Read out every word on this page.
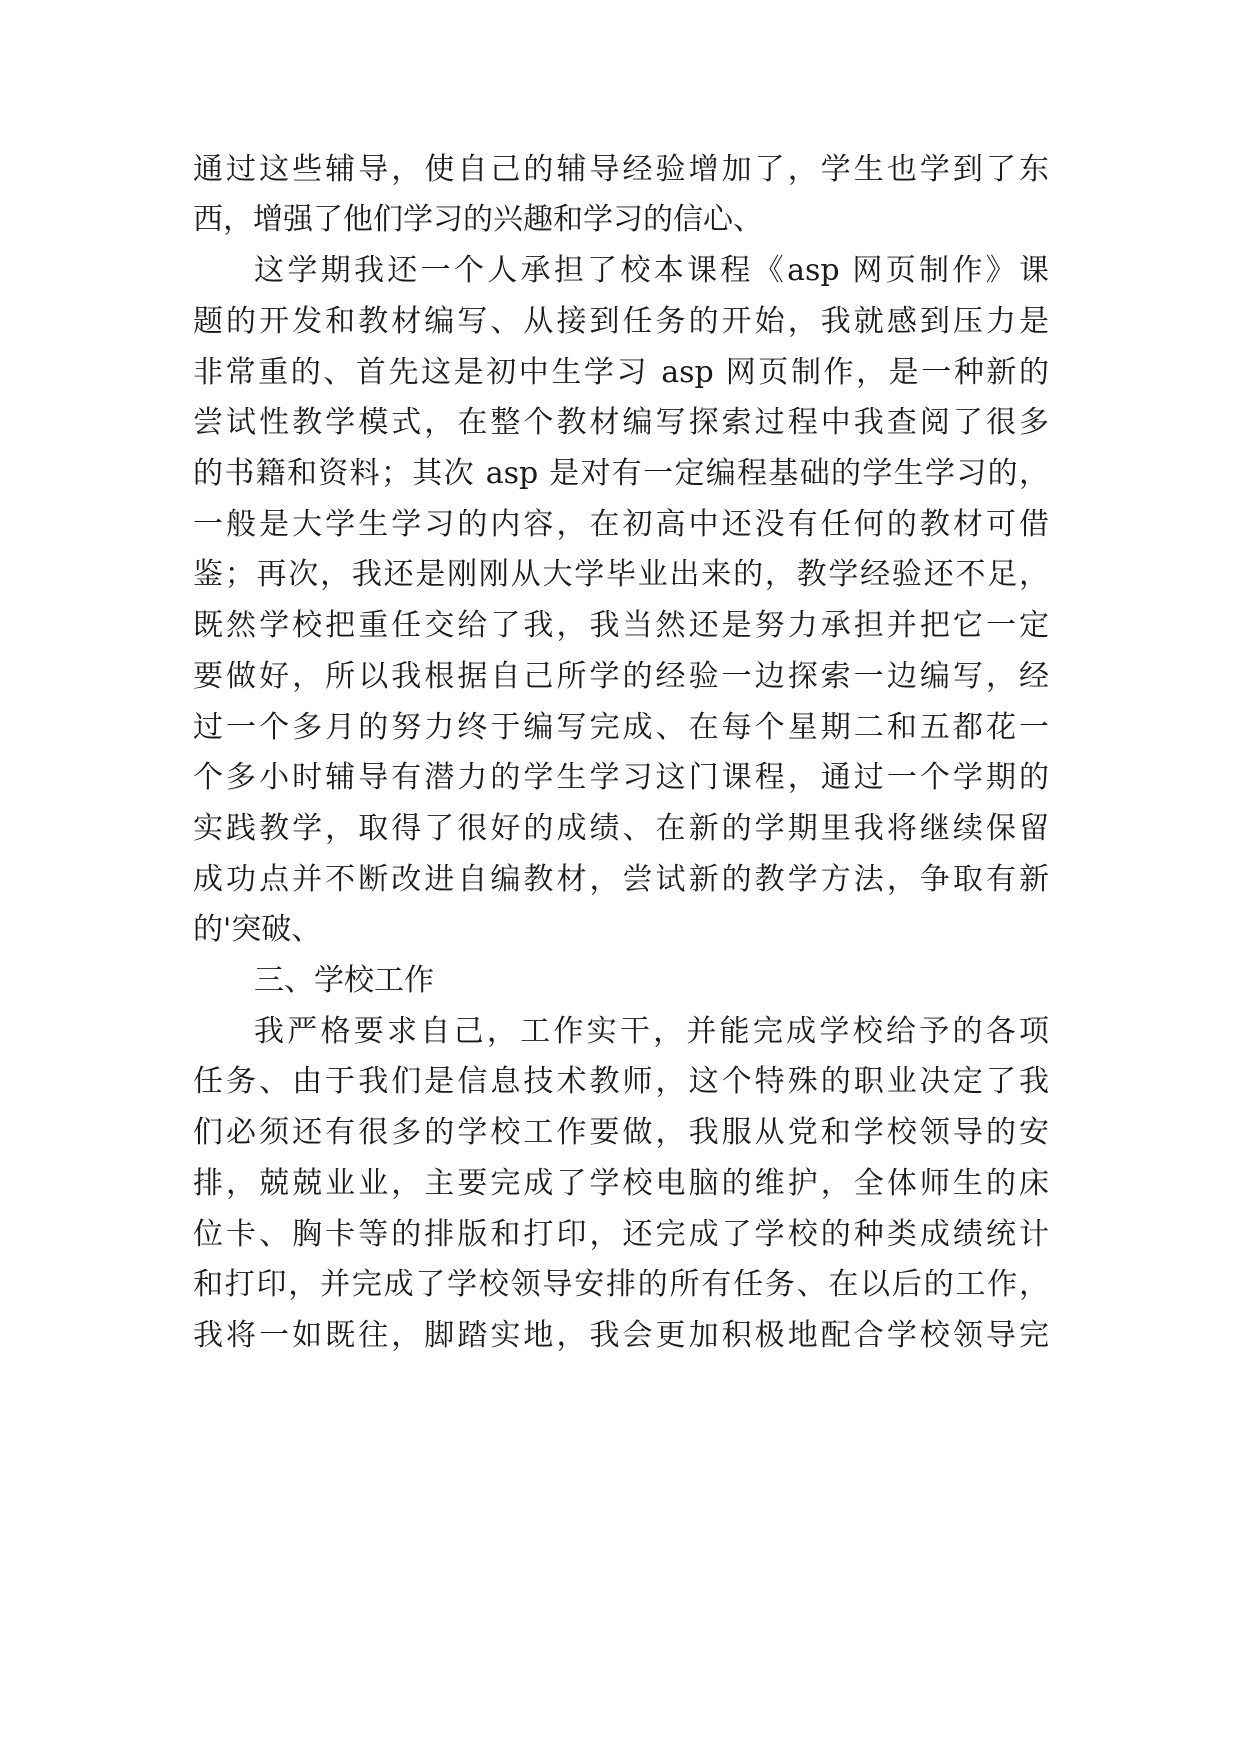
通过这些辅导，使自己的辅导经验增加了，学生也学到了东

西，增强了他们学习的兴趣和学习的信心、

这学期我还一个人承担了校本课程《asp 网页制作》课

题的开发和教材编写、从接到任务的开始，我就感到压力是

非常重的、首先这是初中生学习 asp 网页制作，是一种新的

尝试性教学模式，在整个教材编写探索过程中我查阅了很多

的书籍和资料；其次 asp 是对有一定编程基础的学生学习的，

一般是大学生学习的内容，在初高中还没有任何的教材可借

鉴；再次，我还是刚刚从大学毕业出来的，教学经验还不足，

既然学校把重任交给了我，我当然还是努力承担并把它一定

要做好，所以我根据自己所学的经验一边探索一边编写，经

过一个多月的努力终于编写完成、在每个星期二和五都花一

个多小时辅导有潜力的学生学习这门课程，通过一个学期的

实践教学，取得了很好的成绩、在新的学期里我将继续保留

成功点并不断改进自编教材，尝试新的教学方法，争取有新

的'突破、

三、学校工作

我严格要求自己，工作实干，并能完成学校给予的各项

任务、由于我们是信息技术教师，这个特殊的职业决定了我

们必须还有很多的学校工作要做，我服从党和学校领导的安

排，兢兢业业，主要完成了学校电脑的维护，全体师生的床

位卡、胸卡等的排版和打印，还完成了学校的种类成绩统计

和打印，并完成了学校领导安排的所有任务、在以后的工作，

我将一如既往，脚踏实地，我会更加积极地配合学校领导完
